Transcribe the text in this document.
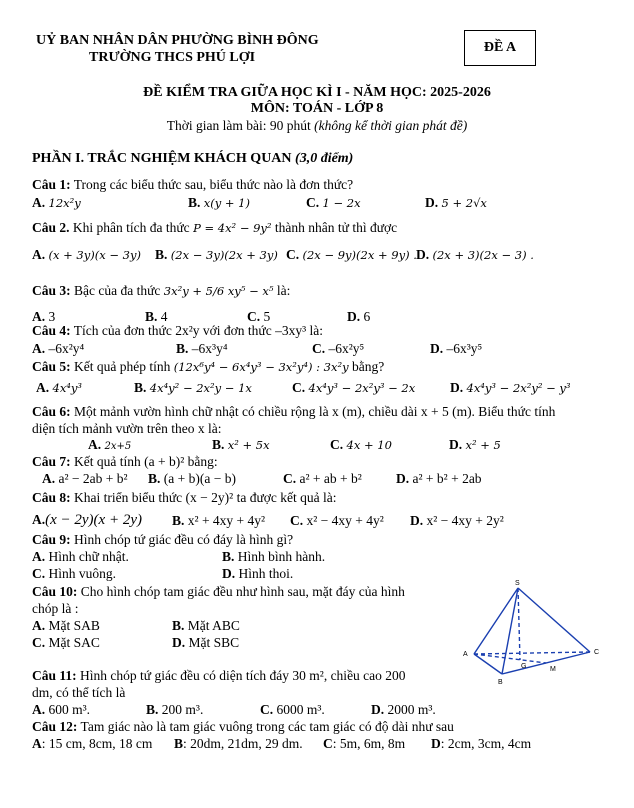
UỶ BAN NHÂN DÂN PHƯỜNG BÌNH ĐÔNG
TRƯỜNG THCS PHÚ LỢI
ĐỀ A
ĐỀ KIỂM TRA GIỮA HỌC KÌ I - NĂM HỌC: 2025-2026
MÔN: TOÁN - LỚP 8
Thời gian làm bài: 90 phút (không kể thời gian phát đề)
PHẦN I. TRẮC NGHIỆM KHÁCH QUAN (3,0 điểm)
Câu 1: Trong các biểu thức sau, biểu thức nào là đơn thức?
A. 12x²y	B. x(y + 1)	C. 1 − 2x	D. 5 + 2√x
Câu 2. Khi phân tích đa thức P = 4x² − 9y² thành nhân tử thì được
A. (x + 3y)(x − 3y) B. (2x − 3y)(2x + 3y) C. (2x − 9y)(2x + 9y) . D. (2x + 3)(2x − 3) .
Câu 3: Bậc của đa thức 3x²y + 5/6 xy⁵ − x⁵ là:
A. 3	B. 4	C. 5	D. 6
Câu 4: Tích của đơn thức 2x²y với đơn thức –3xy³ là:
A. –6x²y⁴	B. –6x³y⁴	C. –6x²y⁵	D. –6x³y⁵
Câu 5: Kết quả phép tính (12x⁶y⁴ − 6x⁴y³ − 3x²y⁴) : 3x²y bằng?
A. 4x⁴y³	B. 4x⁴y² − 2x²y − 1x	C. 4x⁴y³ − 2x²y³ − 2x	D. 4x⁴y³ − 2x²y² − y³
Câu 6: Một mảnh vườn hình chữ nhật có chiều rộng là x (m), chiều dài x + 5 (m). Biểu thức tính
diện tích mảnh vườn trên theo x là:
A. 2x+5	B. x² + 5x	C. 4x + 10	D. x² + 5
Câu 7: Kết quả tính (a + b)² bằng:
A. a² − 2ab + b² B. (a + b)(a − b)	C. a² + ab + b²	D. a² + b² + 2ab
Câu 8: Khai triển biểu thức (x − 2y)² ta được kết quả là:
A.(x − 2y)(x + 2y) B. x² + 4xy + 4y² C. x² − 4xy + 4y² D. x² − 4xy + 2y²
Câu 9: Hình chóp tứ giác đều có đáy là hình gì?
A. Hình chữ nhật.	B. Hình bình hành.
C. Hình vuông.	D. Hình thoi.
Câu 10: Cho hình chóp tam giác đều như hình sau, mặt đáy của hình
chóp là :
A. Mặt SAB	B. Mặt ABC
C. Mặt SAC	D. Mặt SBC
S
A
B
C
G	M
Câu 11: Hình chóp tứ giác đều có diện tích đáy 30 m², chiều cao 200
dm, có thể tích là
A. 600 m³.	B. 200 m³.	C. 6000 m³.	D. 2000 m³.
Câu 12: Tam giác nào là tam giác vuông trong các tam giác có độ dài như sau
A: 15 cm, 8cm, 18 cm B: 20dm, 21dm, 29 dm. C: 5m, 6m, 8m D: 2cm, 3cm, 4cm
